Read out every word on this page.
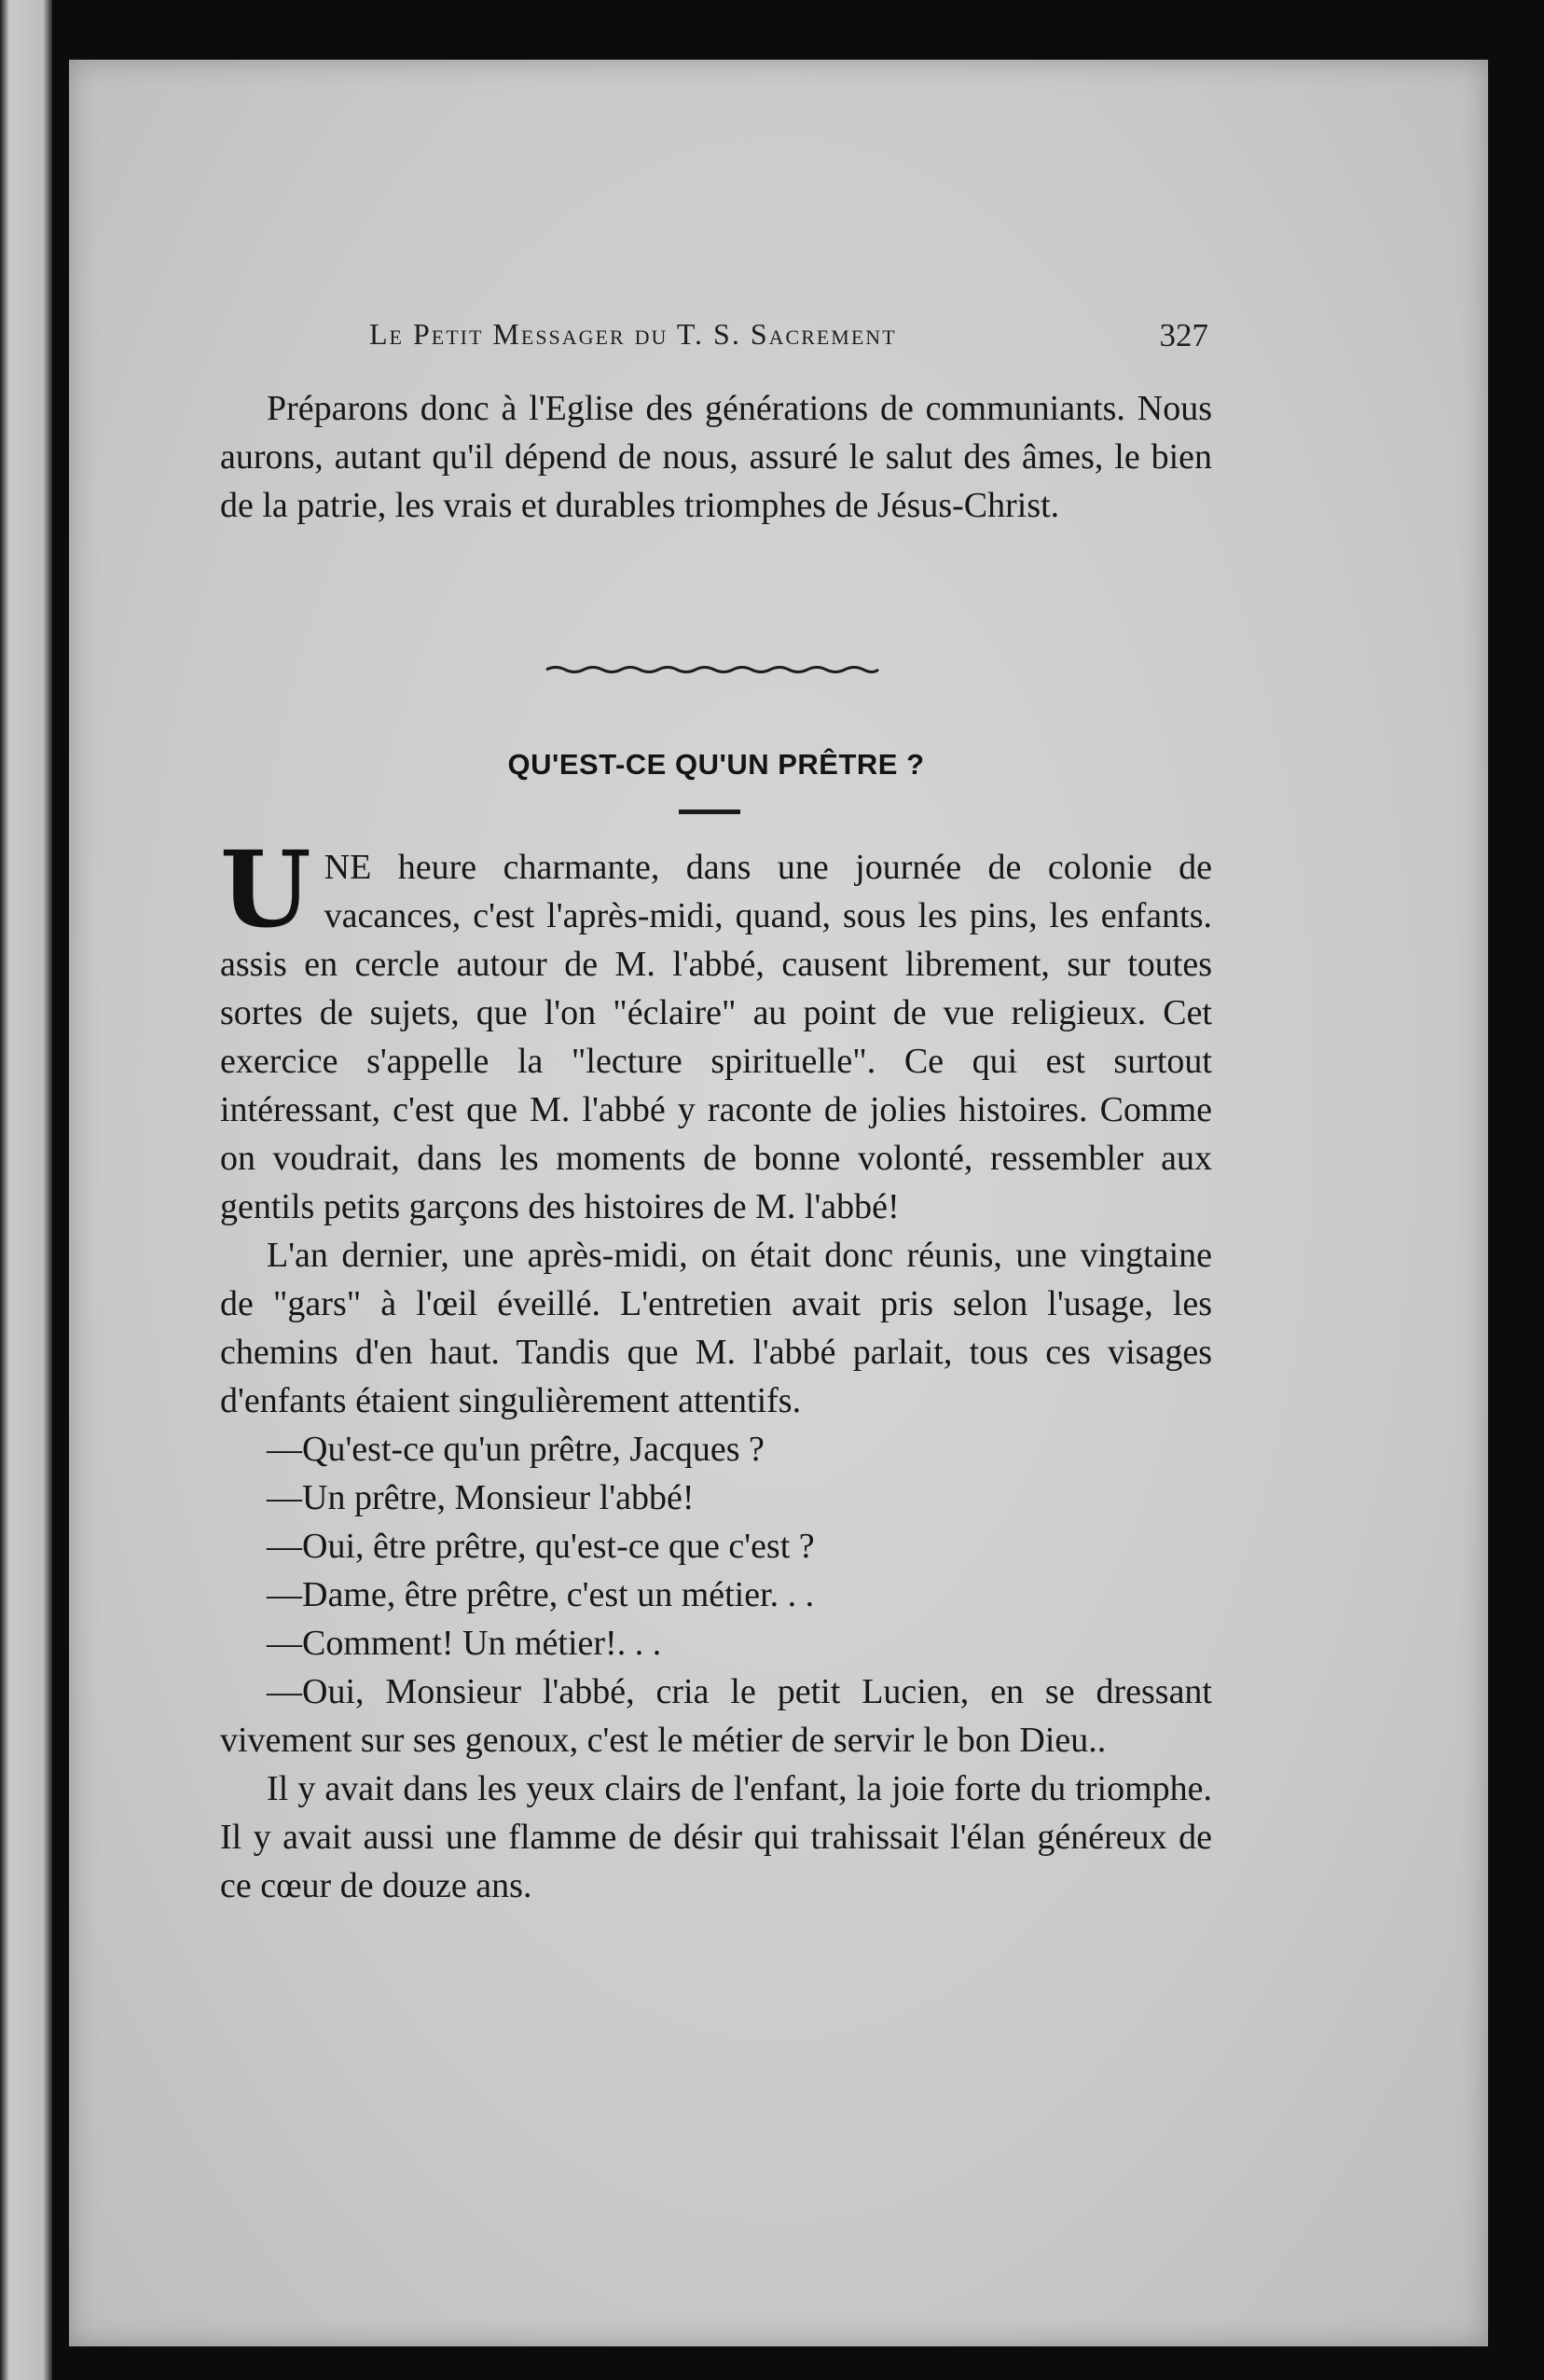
Le Petit Messager du T. S. Sacrement	327

Préparons donc à l'Eglise des générations de communiants. Nous aurons, autant qu'il dépend de nous, assuré le salut des âmes, le bien de la patrie, les vrais et durables triomphes de Jésus-Christ.

QU'EST-CE QU'UN PRÊTRE ?

UNE heure charmante, dans une journée de colonie de vacances, c'est l'après-midi, quand, sous les pins, les enfants. assis en cercle autour de M. l'abbé, causent librement, sur toutes sortes de sujets, que l'on "éclaire" au point de vue religieux. Cet exercice s'appelle la "lecture spirituelle". Ce qui est surtout intéressant, c'est que M. l'abbé y raconte de jolies histoires. Comme on voudrait, dans les moments de bonne volonté, ressembler aux gentils petits garçons des histoires de M. l'abbé!

L'an dernier, une après-midi, on était donc réunis, une vingtaine de "gars" à l'œil éveillé. L'entretien avait pris selon l'usage, les chemins d'en haut. Tandis que M. l'abbé parlait, tous ces visages d'enfants étaient singulièrement attentifs.

—Qu'est-ce qu'un prêtre, Jacques ?

—Un prêtre, Monsieur l'abbé!

—Oui, être prêtre, qu'est-ce que c'est ?

—Dame, être prêtre, c'est un métier. . .

—Comment! Un métier!. . .

—Oui, Monsieur l'abbé, cria le petit Lucien, en se dressant vivement sur ses genoux, c'est le métier de servir le bon Dieu..

Il y avait dans les yeux clairs de l'enfant, la joie forte du triomphe. Il y avait aussi une flamme de désir qui trahissait l'élan généreux de ce cœur de douze ans.
